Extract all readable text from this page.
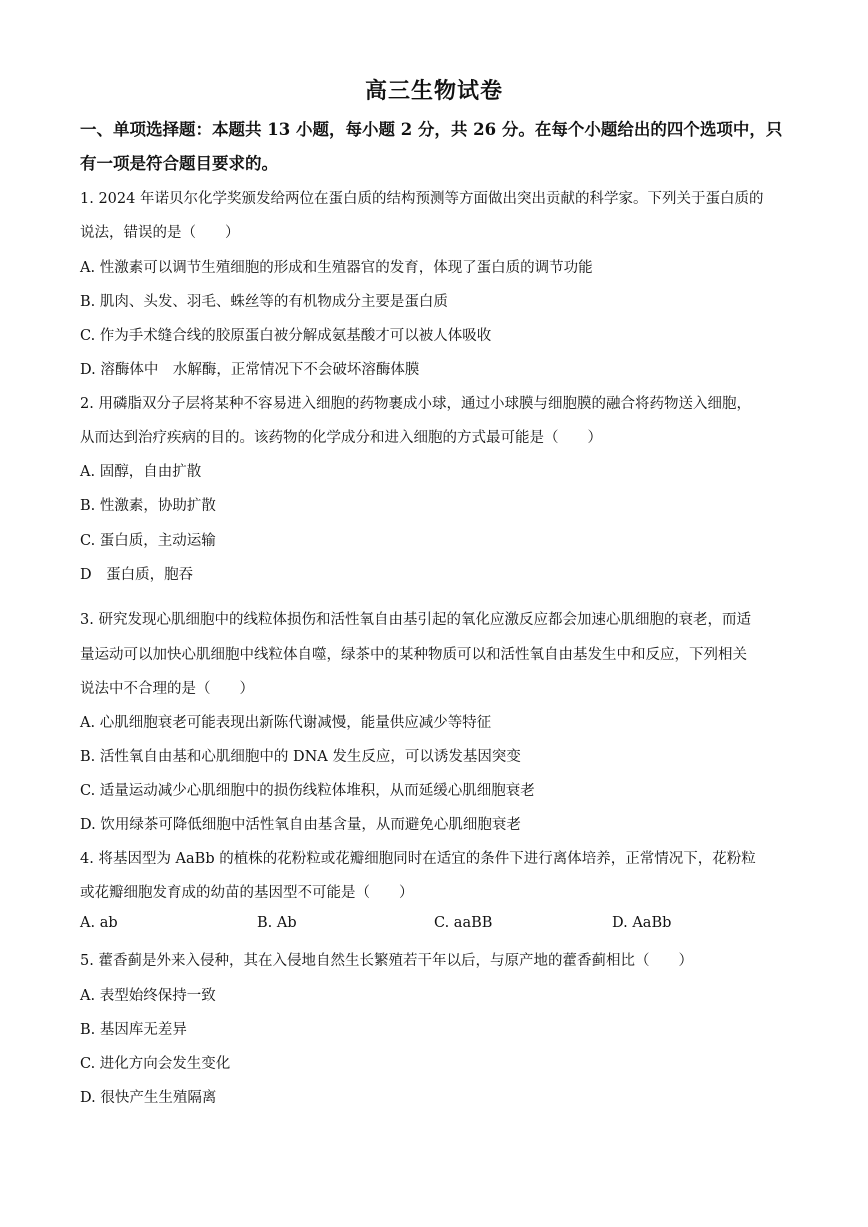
高三生物试卷
一、单项选择题：本题共 13 小题，每小题 2 分，共 26 分。在每个小题给出的四个选项中，只有一项是符合题目要求的。
1. 2024 年诺贝尔化学奖颁发给两位在蛋白质的结构预测等方面做出突出贡献的科学家。下列关于蛋白质的
说法，错误的是（　　）
A. 性激素可以调节生殖细胞的形成和生殖器官的发育，体现了蛋白质的调节功能
B. 肌肉、头发、羽毛、蛛丝等的有机物成分主要是蛋白质
C. 作为手术缝合线的胶原蛋白被分解成氨基酸才可以被人体吸收
D. 溶酶体中　水解酶，正常情况下不会破坏溶酶体膜
2. 用磷脂双分子层将某种不容易进入细胞的药物裹成小球，通过小球膜与细胞膜的融合将药物送入细胞，
从而达到治疗疾病的目的。该药物的化学成分和进入细胞的方式最可能是（　　）
A. 固醇，自由扩散
B. 性激素，协助扩散
C. 蛋白质，主动运输
D　蛋白质，胞吞
3. 研究发现心肌细胞中的线粒体损伤和活性氧自由基引起的氧化应激反应都会加速心肌细胞的衰老，而适
量运动可以加快心肌细胞中线粒体自噬，绿茶中的某种物质可以和活性氧自由基发生中和反应，下列相关
说法中不合理的是（　　）
A. 心肌细胞衰老可能表现出新陈代谢减慢，能量供应减少等特征
B. 活性氧自由基和心肌细胞中的 DNA 发生反应，可以诱发基因突变
C. 适量运动减少心肌细胞中的损伤线粒体堆积，从而延缓心肌细胞衰老
D. 饮用绿茶可降低细胞中活性氧自由基含量，从而避免心肌细胞衰老
4. 将基因型为 AaBb 的植株的花粉粒或花瓣细胞同时在适宜的条件下进行离体培养，正常情况下，花粉粒
或花瓣细胞发育成的幼苗的基因型不可能是（　　）
A. ab	B. Ab	C. aaBB	D. AaBb
5. 藿香蓟是外来入侵种，其在入侵地自然生长繁殖若干年以后，与原产地的藿香蓟相比（　　）
A. 表型始终保持一致
B. 基因库无差异
C. 进化方向会发生变化
D. 很快产生生殖隔离
